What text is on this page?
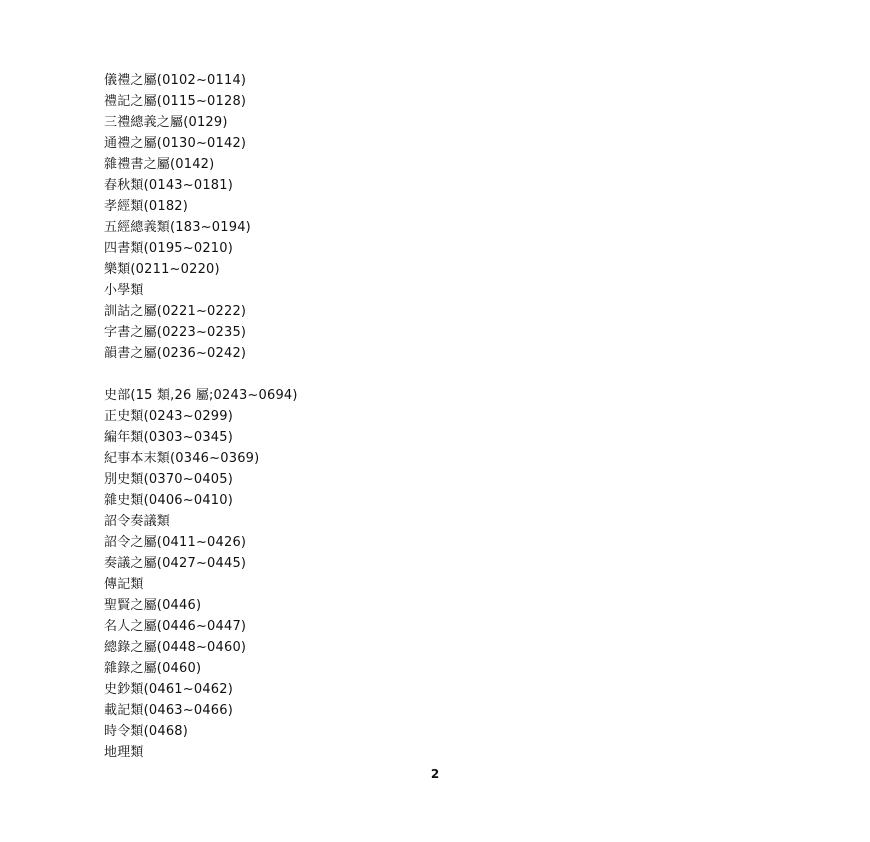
儀禮之屬(0102~0114)
禮記之屬(0115~0128)
三禮總義之屬(0129)
通禮之屬(0130~0142)
雜禮書之屬(0142)
春秋類(0143~0181)
孝經類(0182)
五經總義類(183~0194)
四書類(0195~0210)
樂類(0211~0220)
小學類
訓詁之屬(0221~0222)
字書之屬(0223~0235)
韻書之屬(0236~0242)
史部(15 類,26 屬;0243~0694)
正史類(0243~0299)
編年類(0303~0345)
紀事本末類(0346~0369)
別史類(0370~0405)
雜史類(0406~0410)
詔令奏議類
詔令之屬(0411~0426)
奏議之屬(0427~0445)
傳記類
聖賢之屬(0446)
名人之屬(0446~0447)
總錄之屬(0448~0460)
雜錄之屬(0460)
史鈔類(0461~0462)
載記類(0463~0466)
時令類(0468)
地理類
2
